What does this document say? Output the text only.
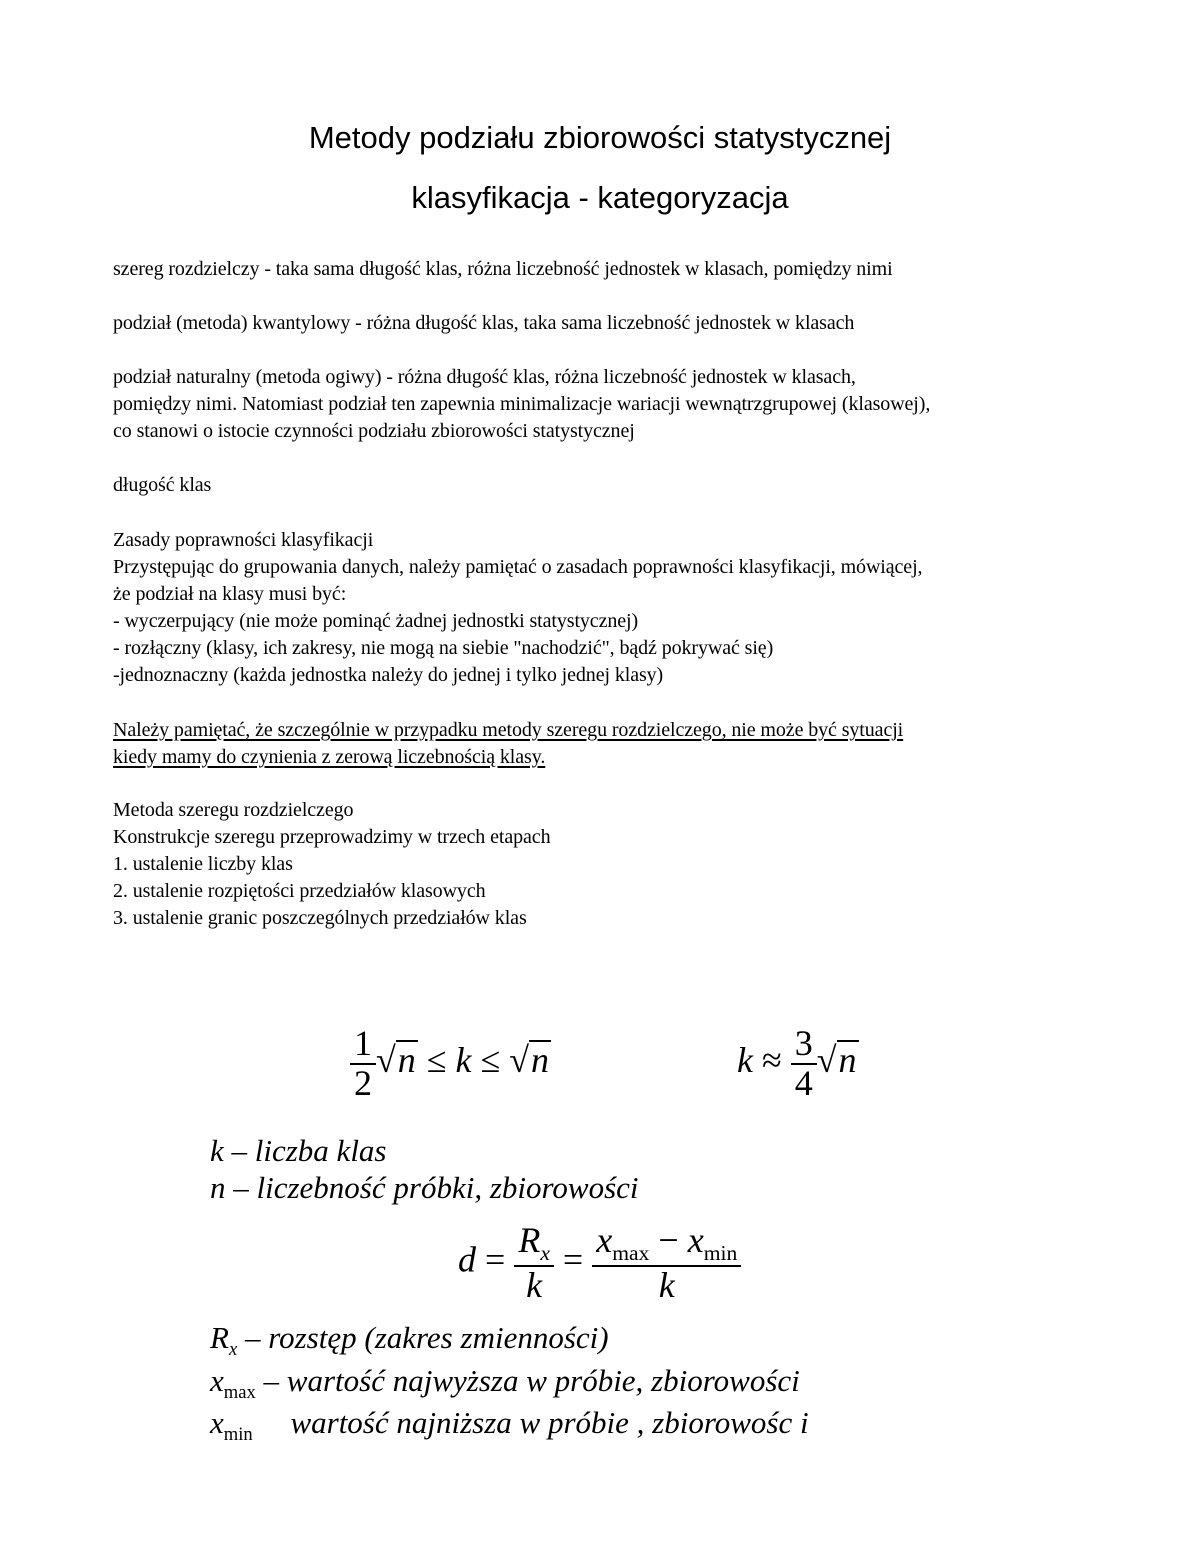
Metody podziału zbiorowości statystycznej
klasyfikacja - kategoryzacja
szereg rozdzielczy - taka sama długość klas, różna liczebność jednostek w klasach, pomiędzy nimi
podział (metoda) kwantylowy - różna długość klas, taka sama liczebność jednostek w klasach
podział naturalny (metoda ogiwy) - różna długość klas, różna liczebność jednostek w klasach,
pomiędzy nimi. Natomiast podział ten zapewnia minimalizacje wariacji wewnątrzgrupowej (klasowej),
co stanowi o istocie czynności podziału zbiorowości statystycznej
długość klas
Zasady poprawności klasyfikacji
Przystępując do grupowania danych, należy pamiętać o zasadach poprawności klasyfikacji, mówiącej,
że podział na klasy musi być:
- wyczerpujący (nie może pominąć żadnej jednostki statystycznej)
- rozłączny (klasy, ich zakresy, nie mogą na siebie "nachodzić", bądź pokrywać się)
-jednoznaczny (każda jednostka należy do jednej i tylko jednej klasy)
Należy pamiętać, że szczególnie w przypadku metody szeregu rozdzielczego, nie może być sytuacji
kiedy mamy do czynienia z zerową liczebnością klasy.
Metoda szeregu rozdzielczego
Konstrukcje szeregu przeprowadzimy w trzech etapach
1. ustalenie liczby klas
2. ustalenie rozpiętości przedziałów klasowych
3. ustalenie granic poszczególnych przedziałów klas
$\frac{1}{2} √n \le k \le √n$	$k \approx \frac{3}{4} √n$
k – liczba klas
n – liczebność próbki, zbiorowości
$d = \frac{R_x}{k} = \frac{x_{max} - x_{min}}{k}$
$R_x$ – rozstęp (zakres zmienności)
$x_{max}$ – wartość najwyższa w próbie, zbiorowości
$x_{min}$ wartość najniższa w próbie , zbiorowośc i
